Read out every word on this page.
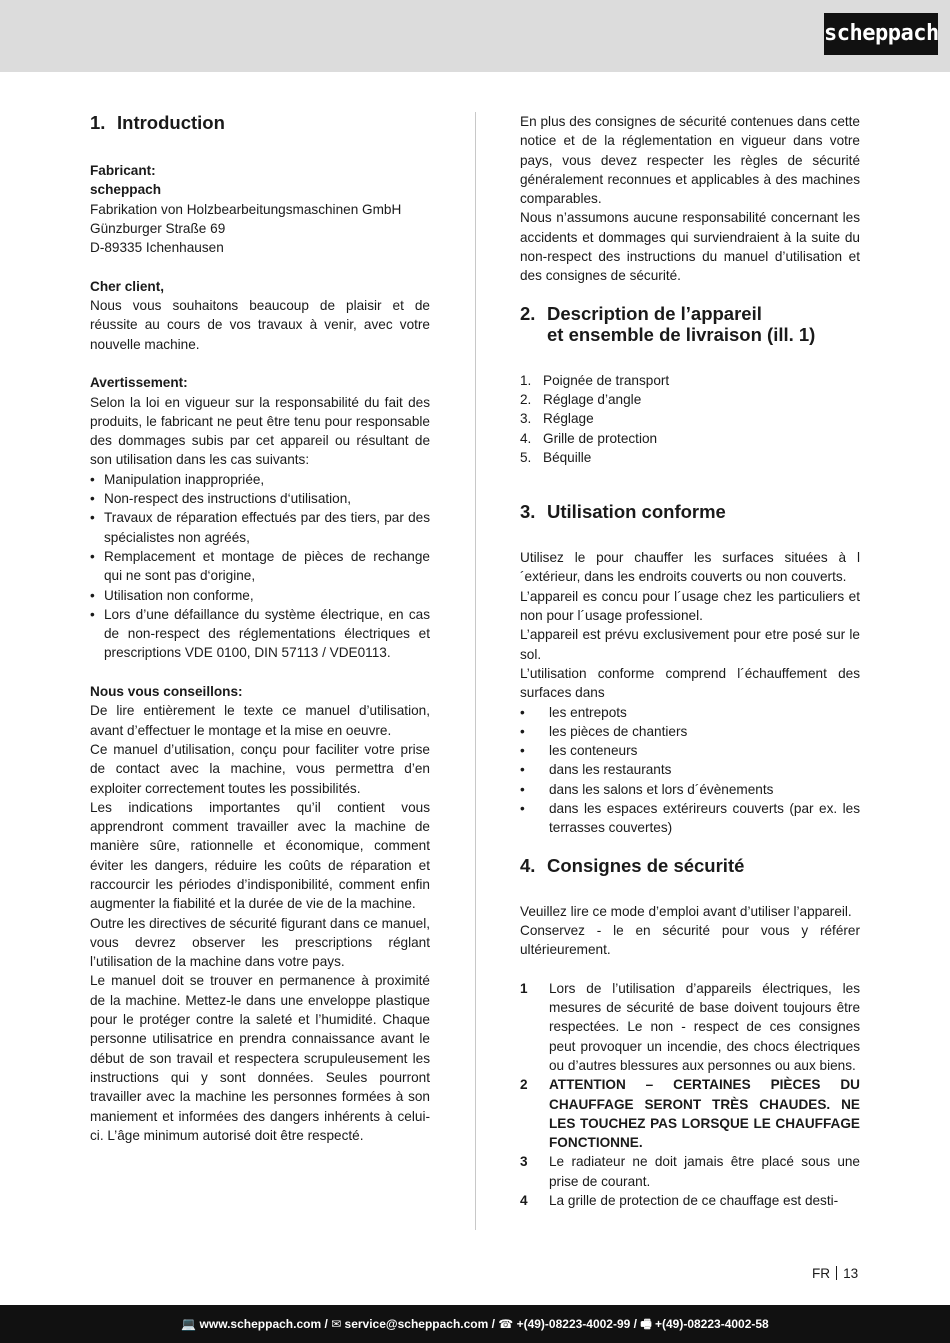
scheppach
1. Introduction

Fabricant:

scheppach

Fabrikation von Holzbearbeitungsmaschinen GmbH

Günzburger Straße 69

D-89335 Ichenhausen

Cher client,

Nous vous souhaitons beaucoup de plaisir et de réussite au cours de vos travaux à venir, avec votre nouvelle machine.

Avertissement:

Selon la loi en vigueur sur la responsabilité du fait des produits, le fabricant ne peut être tenu pour responsable des dommages subis par cet appareil ou résultant de son utilisation dans les cas suivants:

• Manipulation inappropriée,
• Non-respect des instructions d‘utilisation,
• Travaux de réparation effectués par des tiers, par des spécialistes non agréés,
• Remplacement et montage de pièces de rechange qui ne sont pas d‘origine,
• Utilisation non conforme,
• Lors d’une défaillance du système électrique, en cas de non-respect des réglementations électriques et prescriptions VDE 0100, DIN 57113 / VDE0113.

Nous vous conseillons:

De lire entièrement le texte ce manuel d’utilisation, avant d’effectuer le montage et la mise en oeuvre.

Ce manuel d’utilisation, conçu pour faciliter votre prise de contact avec la machine, vous permettra d’en exploiter correctement toutes les possibilités.

Les indications importantes qu’il contient vous apprendront comment travailler avec la machine de manière sûre, rationnelle et économique, comment éviter les dangers, réduire les coûts de réparation et raccourcir les périodes d’indisponibilité, comment enfin augmenter la fiabilité et la durée de vie de la machine.

Outre les directives de sécurité figurant dans ce manuel, vous devrez observer les prescriptions réglant l’utilisation de la machine dans votre pays.

Le manuel doit se trouver en permanence à proximité de la machine. Mettez-le dans une enveloppe plastique pour le protéger contre la saleté et l’humidité. Chaque personne utilisatrice en prendra connaissance avant le début de son travail et respectera scrupuleusement les instructions qui y sont données. Seules pourront travailler avec la machine les personnes formées à son maniement et informées des dangers inhérents à celui-ci. L’âge minimum autorisé doit être respecté.

En plus des consignes de sécurité contenues dans cette notice et de la réglementation en vigueur dans votre pays, vous devez respecter les règles de sécurité généralement reconnues et applicables à des machines comparables.

Nous n’assumons aucune responsabilité concernant les accidents et dommages qui surviendraient à la suite du non-respect des instructions du manuel d’utilisation et des consignes de sécurité.

2. Description de l’appareil
et ensemble de livraison (ill. 1)
1. Poignée de transport
2. Réglage d’angle
3. Réglage
4. Grille de protection
5. Béquille
3. Utilisation conforme

Utilisez le pour chauffer les surfaces situées à l´extérieur, dans les endroits couverts ou non couverts.

L’appareil es concu pour l´usage chez les particuliers et non pour l´usage professionel.

L’appareil est prévu exclusivement pour etre posé sur le sol.

L’utilisation conforme comprend l´échauffement des surfaces dans

• les entrepots
• les pièces de chantiers
• les conteneurs
• dans les restaurants
• dans les salons et lors d´évènements
• dans les espaces extérireurs couverts (par ex. les terrasses couvertes)
4. Consignes de sécurité

Veuillez lire ce mode d’emploi avant d’utiliser l’appareil.

Conservez - le en sécurité pour vous y référer ultérieurement.

1 Lors de l’utilisation d’appareils électriques, les mesures de sécurité de base doivent toujours être respectées. Le non - respect de ces consignes peut provoquer un incendie, des chocs électriques ou d’autres blessures aux personnes ou aux biens.
2 ATTENTION – CERTAINES PIÈCES DU CHAUFFAGE SERONT TRÈS CHAUDES. NE LES TOUCHEZ PAS LORSQUE LE CHAUFFAGE FONCTIONNE.
3 Le radiateur ne doit jamais être placé sous une prise de courant.
4 La grille de protection de ce chauffage est desti-
FR 13
💻 www.scheppach.com / ✉ service@scheppach.com / ☎ +(49)-08223-4002-99 / 🖷 +(49)-08223-4002-58
